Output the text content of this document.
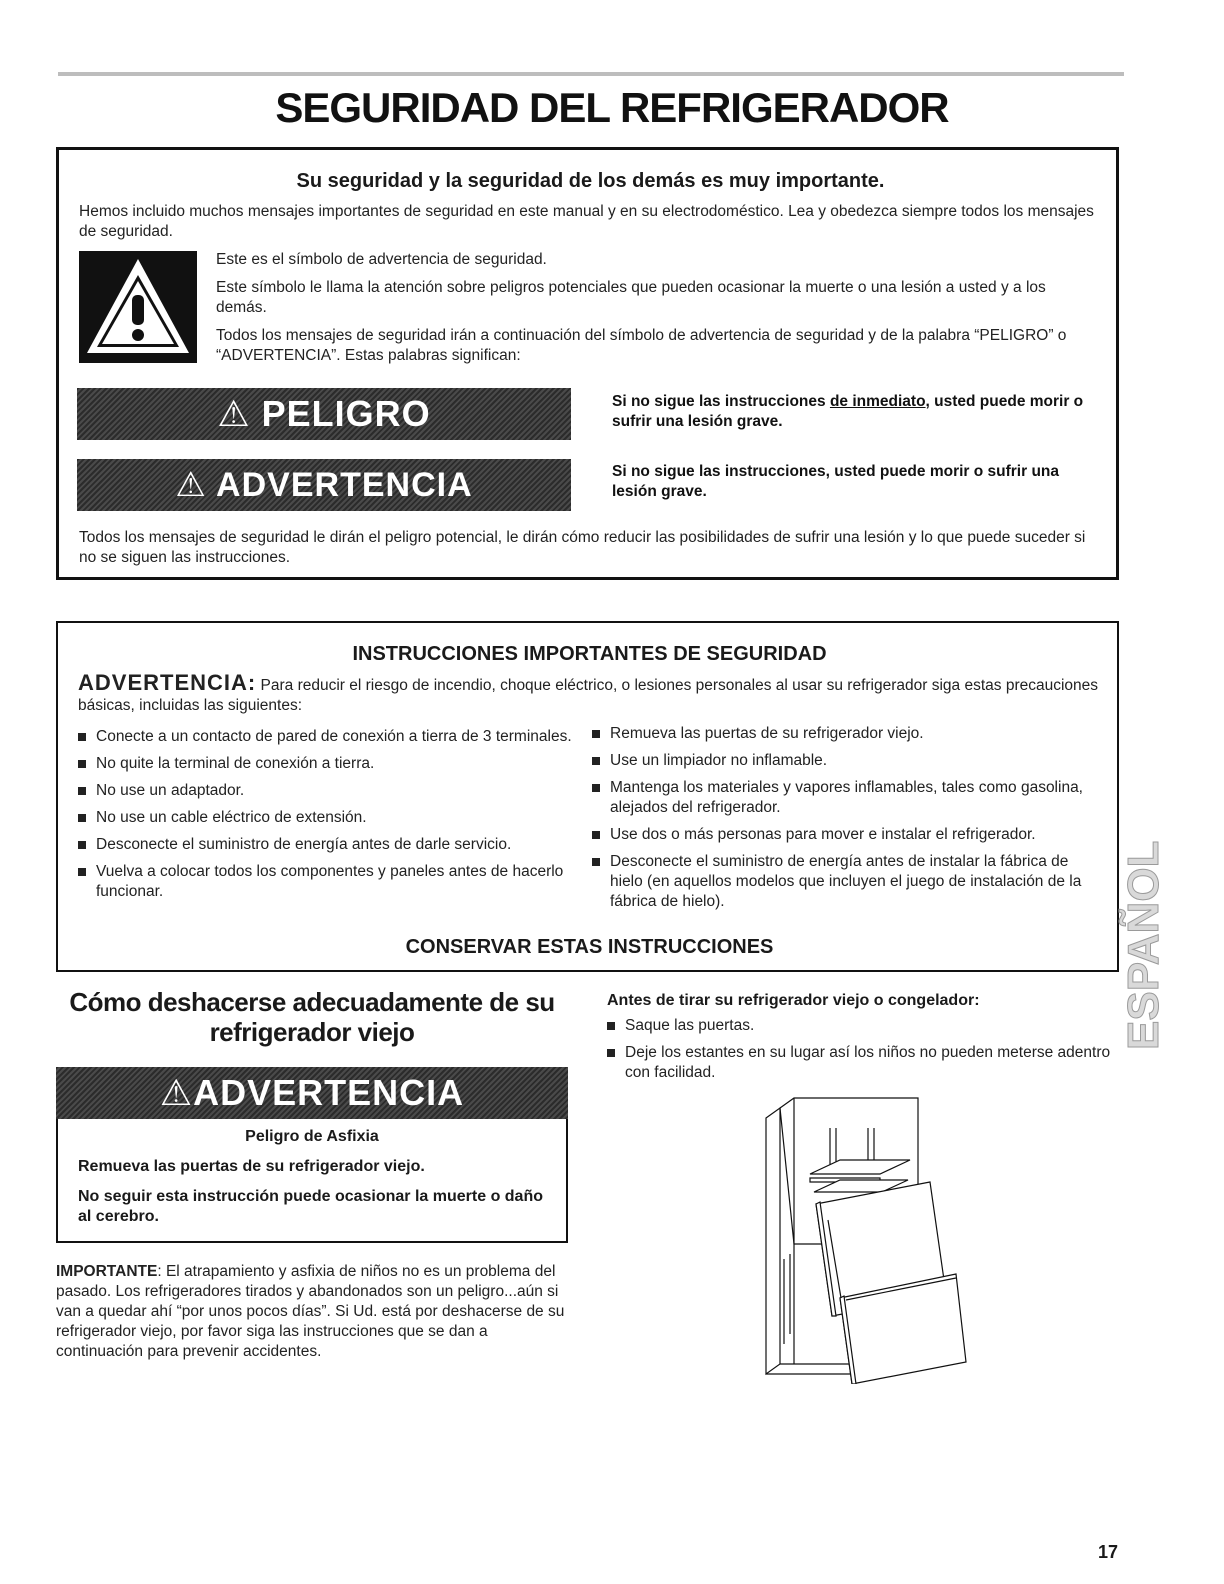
SEGURIDAD DEL REFRIGERADOR
Su seguridad y la seguridad de los demás es muy importante.
Hemos incluido muchos mensajes importantes de seguridad en este manual y en su electrodoméstico. Lea y obedezca siempre todos los mensajes de seguridad.
Este es el símbolo de advertencia de seguridad.
Este símbolo le llama la atención sobre peligros potenciales que pueden ocasionar la muerte o una lesión a usted y a los demás.
Todos los mensajes de seguridad irán a continuación del símbolo de advertencia de seguridad y de la palabra “PELIGRO” o “ADVERTENCIA”. Estas palabras significan:
⚠ PELIGRO	Si no sigue las instrucciones de inmediato, usted puede morir o sufrir una lesión grave.
⚠ ADVERTENCIA	Si no sigue las instrucciones, usted puede morir o sufrir una lesión grave.
Todos los mensajes de seguridad le dirán el peligro potencial, le dirán cómo reducir las posibilidades de sufrir una lesión y lo que puede suceder si no se siguen las instrucciones.
INSTRUCCIONES IMPORTANTES DE SEGURIDAD
ADVERTENCIA: Para reducir el riesgo de incendio, choque eléctrico, o lesiones personales al usar su refrigerador siga estas precauciones básicas, incluidas las siguientes:
Conecte a un contacto de pared de conexión a tierra de 3 terminales.
No quite la terminal de conexión a tierra.
No use un adaptador.
No use un cable eléctrico de extensión.
Desconecte el suministro de energía antes de darle servicio.
Vuelva a colocar todos los componentes y paneles antes de hacerlo funcionar.
Remueva las puertas de su refrigerador viejo.
Use un limpiador no inflamable.
Mantenga los materiales y vapores inflamables, tales como gasolina, alejados del refrigerador.
Use dos o más personas para mover e instalar el refrigerador.
Desconecte el suministro de energía antes de instalar la fábrica de hielo (en aquellos modelos que incluyen el juego de instalación de la fábrica de hielo).
CONSERVAR ESTAS INSTRUCCIONES
Cómo deshacerse adecuadamente de su refrigerador viejo
⚠ADVERTENCIA
Peligro de Asfixia
Remueva las puertas de su refrigerador viejo.
No seguir esta instrucción puede ocasionar la muerte o daño al cerebro.
IMPORTANTE: El atrapamiento y asfixia de niños no es un problema del pasado. Los refrigeradores tirados y abandonados son un peligro...aún si van a quedar ahí “por unos pocos días”. Si Ud. está por deshacerse de su refrigerador viejo, por favor siga las instrucciones que se dan a continuación para prevenir accidentes.
Antes de tirar su refrigerador viejo o congelador:
Saque las puertas.
Deje los estantes en su lugar así los niños no pueden meterse adentro con facilidad.
ESPAÑOL
17
